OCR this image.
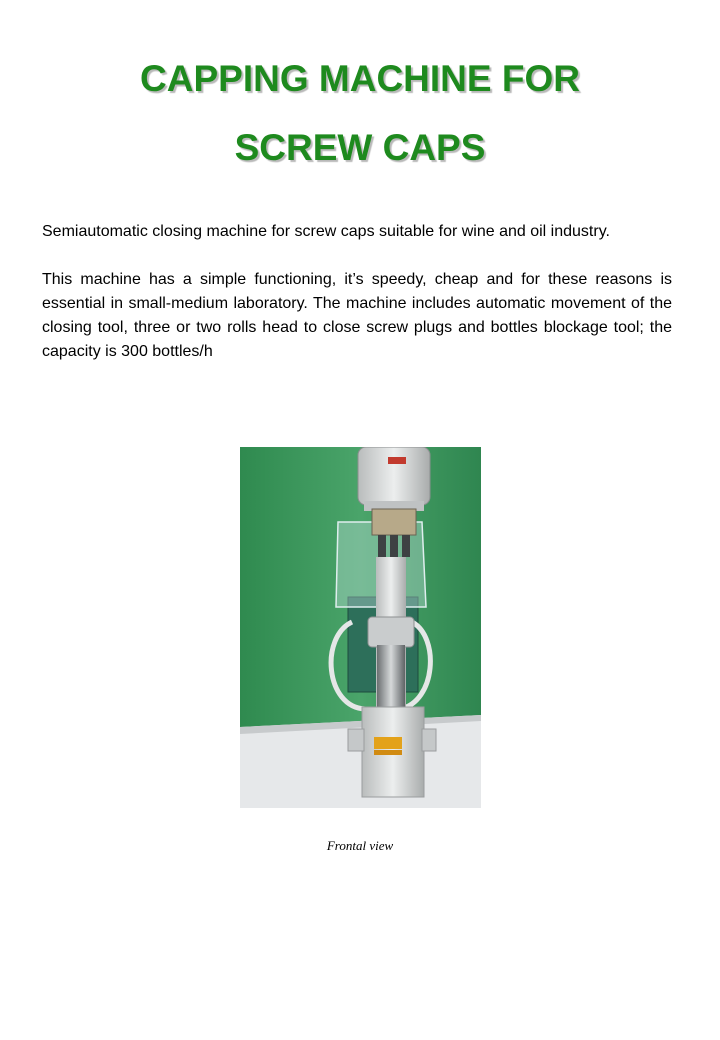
CAPPING MACHINE FOR
SCREW CAPS

Semiautomatic closing machine for screw caps suitable for wine and oil industry.

This machine has a simple functioning, it’s speedy, cheap and for these reasons is essential in small-medium laboratory. The machine includes automatic movement of the closing tool, three or two rolls head to close screw plugs and bottles blockage tool; the capacity is 300 bottles/h

Frontal view
